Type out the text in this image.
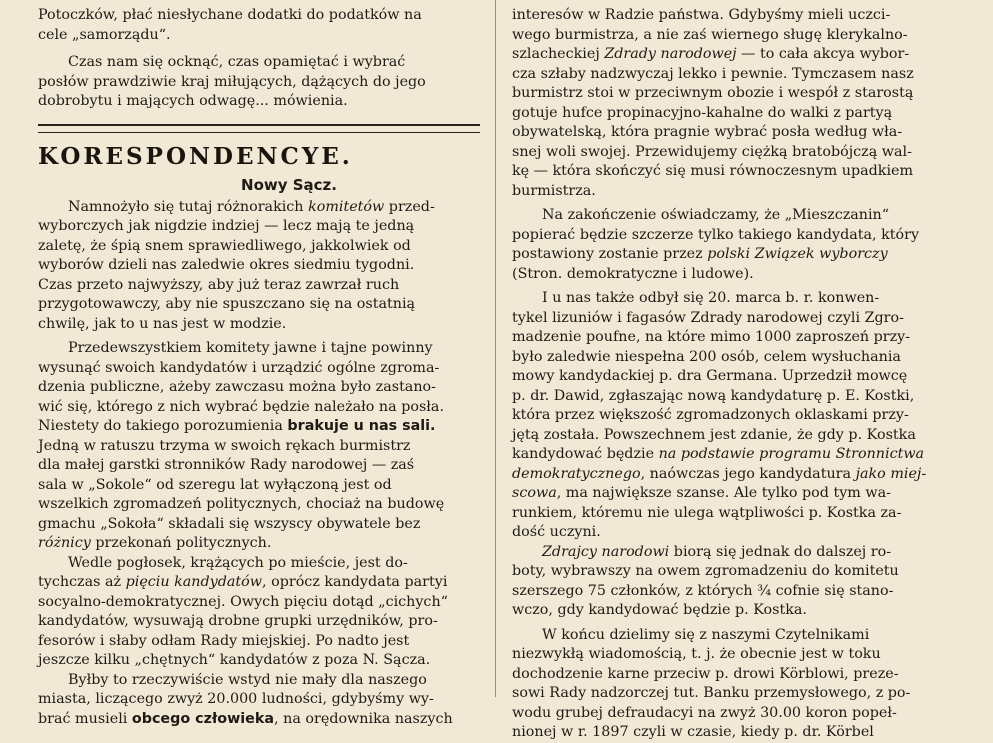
Potoczków, płać niesłychane dodatki do podatków na
cele „samorządu“.

Czas nam się ocknąć, czas opamiętać i wybrać
posłów prawdziwie kraj miłujących, dążących do jego
dobrobytu i mających odwagę... mówienia.

KORESPONDENCYE.
Nowy Sącz.

Namnożyło się tutaj różnorakich komitetów przed-
wyborczych jak nigdzie indziej — lecz mają te jedną
zaletę, że śpią snem sprawiedliwego, jakkolwiek od
wyborów dzieli nas zaledwie okres siedmiu tygodni.
Czas przeto najwyższy, aby już teraz zawrzał ruch
przygotowawczy, aby nie spuszczano się na ostatnią
chwilę, jak to u nas jest w modzie.

Przedewszystkiem komitety jawne i tajne powinny
wysunąć swoich kandydatów i urządzić ogólne zgroma-
dzenia publiczne, ażeby zawczasu można było zastano-
wić się, którego z nich wybrać będzie należało na posła.
Niestety do takiego porozumienia brakuje u nas sali.
Jedną w ratuszu trzyma w swoich rękach burmistrz
dla małej garstki stronników Rady narodowej — zaś
sala w „Sokole“ od szeregu lat wyłączoną jest od
wszelkich zgromadzeń politycznych, chociaż na budowę
gmachu „Sokoła“ składali się wszyscy obywatele bez
różnicy przekonań politycznych.

Wedle pogłosek, krążących po mieście, jest do-
tychczas aż pięciu kandydatów, oprócz kandydata partyi
socyalno-demokratycznej. Owych pięciu dotąd „cichych“
kandydatów, wysuwają drobne grupki urzędników, pro-
fesorów i słaby odłam Rady miejskiej. Po nadto jest
jeszcze kilku „chętnych“ kandydatów z poza N. Sącza.

Byłby to rzeczywiście wstyd nie mały dla naszego
miasta, liczącego zwyż 20.000 ludności, gdybyśmy wy-
brać musieli obcego człowieka, na orędownika naszych

interesów w Radzie państwa. Gdybyśmy mieli uczci-
wego burmistrza, a nie zaś wiernego sługę klerykalno-
szlacheckiej Zdrady narodowej — to cała akcya wybor-
cza szłaby nadzwyczaj lekko i pewnie. Tymczasem nasz
burmistrz stoi w przeciwnym obozie i wespół z starostą
gotuje hufce propinacyjno-kahalne do walki z partyą
obywatelską, która pragnie wybrać posła według wła-
snej woli swojej. Przewidujemy ciężką bratobójczą wal-
kę — która skończyć się musi równoczesnym upadkiem
burmistrza.

Na zakończenie oświadczamy, że „Mieszczanin“
popierać będzie szczerze tylko takiego kandydata, który
postawiony zostanie przez polski Związek wyborczy
(Stron. demokratyczne i ludowe).

I u nas także odbył się 20. marca b. r. konwen-
tykel lizuniów i fagasów Zdrady narodowej czyli Zgro-
madzenie poufne, na które mimo 1000 zaproszeń przy-
było zaledwie niespełna 200 osób, celem wysłuchania
mowy kandydackiej p. dra Germana. Uprzedził mowcę
p. dr. Dawid, zgłaszając nową kandydaturę p. E. Kostki,
która przez większość zgromadzonych oklaskami przy-
jętą została. Powszechnem jest zdanie, że gdy p. Kostka
kandydować będzie na podstawie programu Stronnictwa
demokratycznego, naówczas jego kandydatura jako miej-
scowa, ma największe szanse. Ale tylko pod tym wa-
runkiem, któremu nie ulega wątpliwości p. Kostka za-
dość uczyni.

Zdrajcy narodowi biorą się jednak do dalszej ro-
boty, wybrawszy na owem zgromadzeniu do komitetu
szerszego 75 członków, z których ¾ cofnie się stano-
wczo, gdy kandydować będzie p. Kostka.

W końcu dzielimy się z naszymi Czytelnikami
niezwykłą wiadomością, t. j. że obecnie jest w toku
dochodzenie karne przeciw p. drowi Körblowi, preze-
sowi Rady nadzorczej tut. Banku przemysłowego, z po-
wodu grubej defraudacyi na zwyż 30.00 koron popeł-
nionej w r. 1897 czyli w czasie, kiedy p. dr. Körbel
